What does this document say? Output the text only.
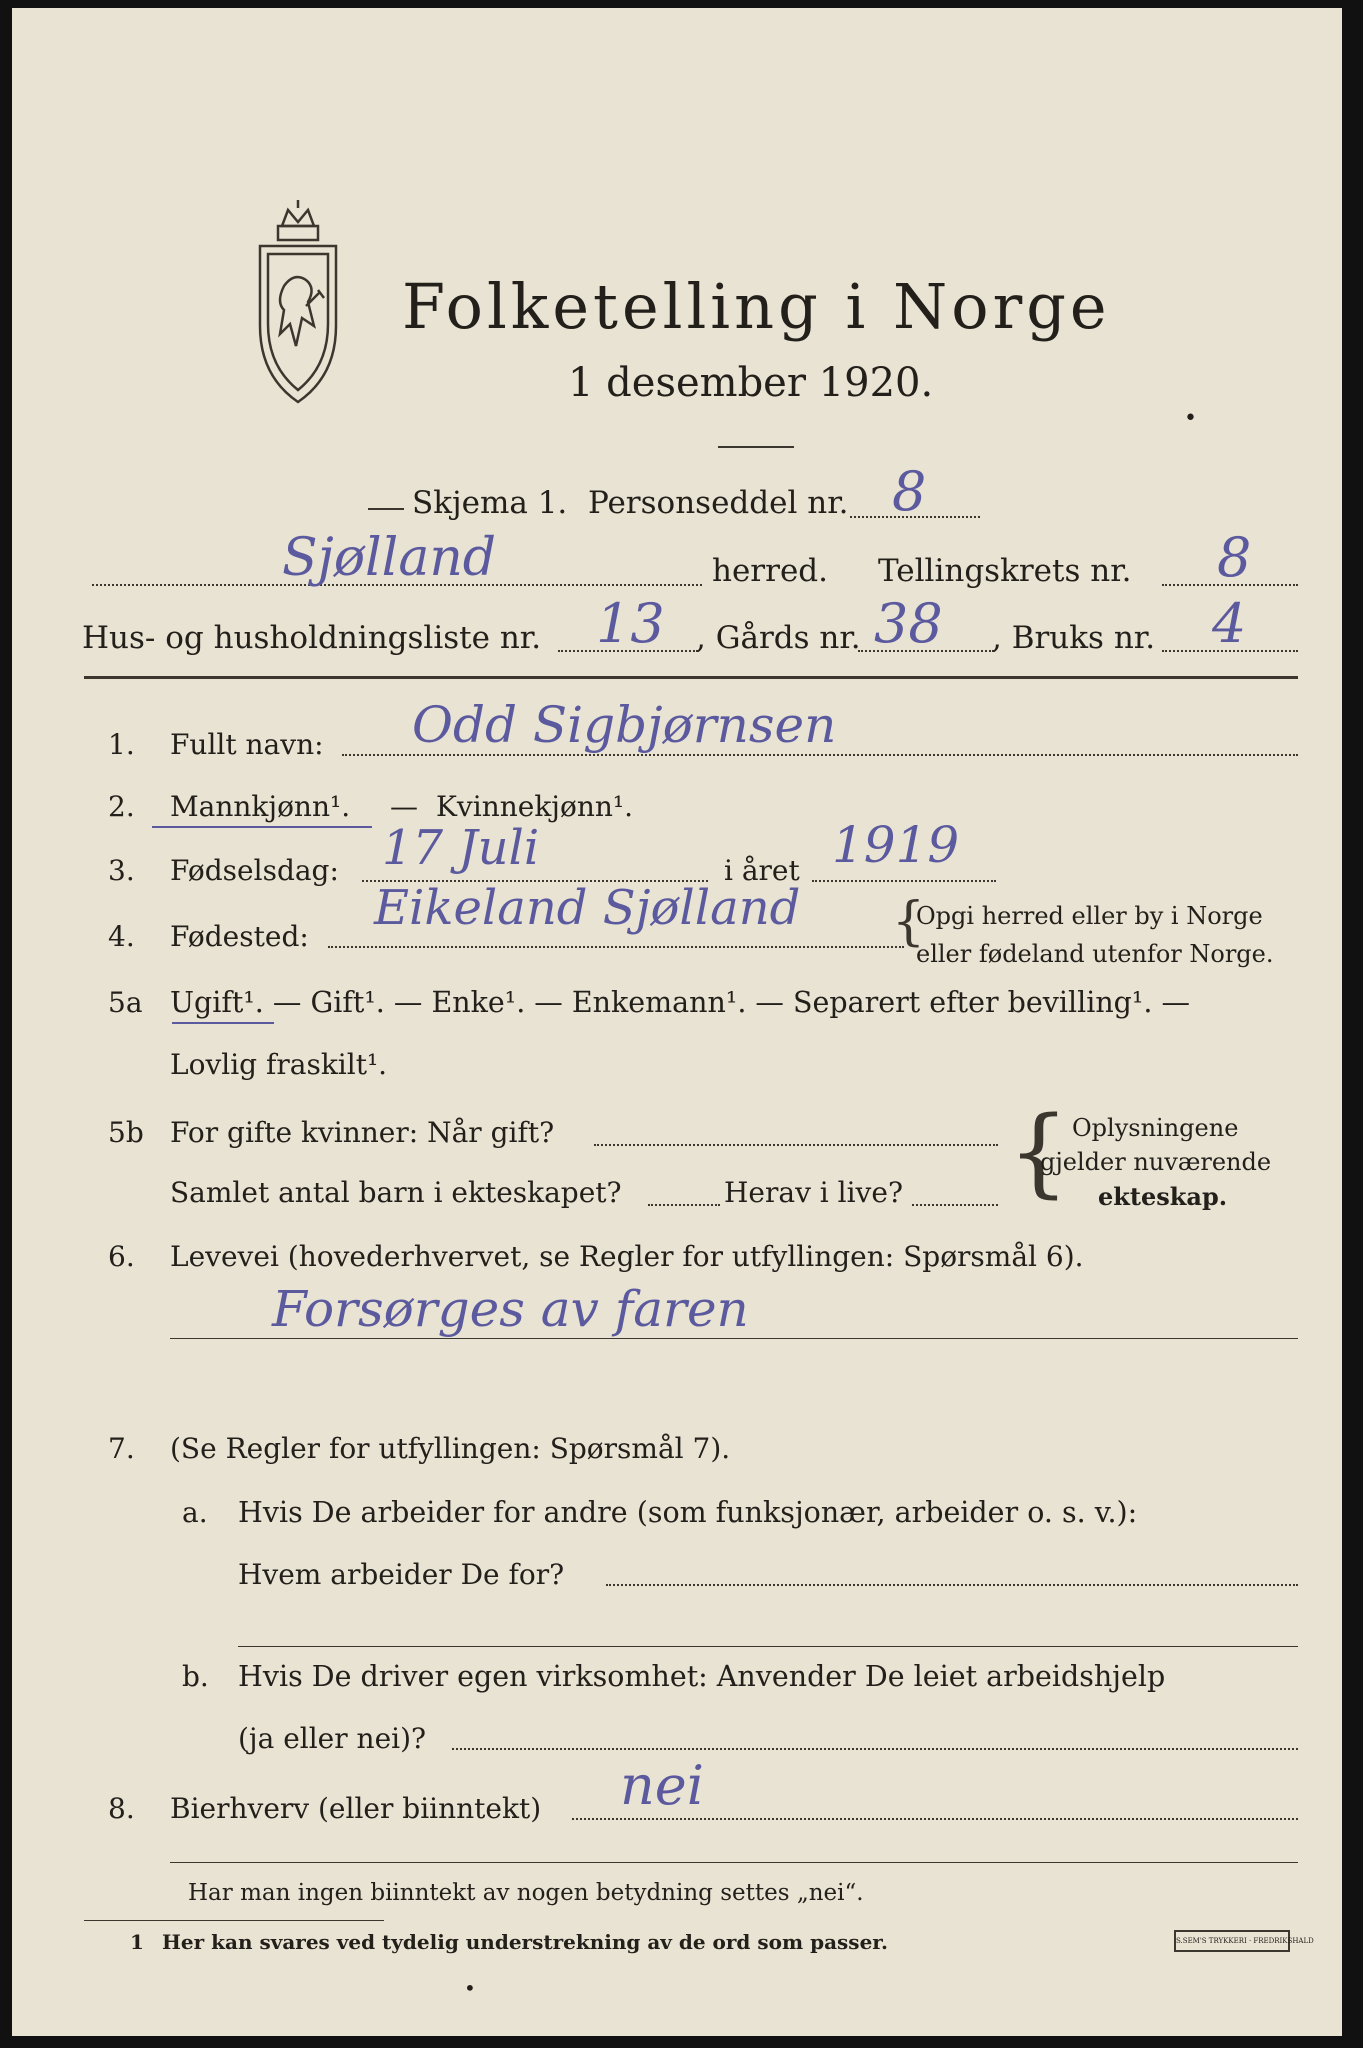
Folketelling i Norge
1 desember 1920.
•
Skjema 1. Personseddel nr. 8
Sjølland	herred. Tellingskrets nr. 8
Hus- og husholdningsliste nr. 13 , Gårds nr. 38 , Bruks nr. 4
1. Fullt navn: Odd Sigbjørnsen
2. Mannkjønn¹. — Kvinnekjønn¹.
3. Fødselsdag: 17 Juli	i året 1919
4. Fødested:
Eikeland Sjølland {
Opgi herred eller by i Norge
eller fødeland utenfor Norge.
5a Ugift¹. — Gift¹. — Enke¹. — Enkemann¹. — Separert efter bevilling¹. —
Lovlig fraskilt¹.
5b For gifte kvinner: Når gift?
Samlet antal barn i ekteskapet?	Herav i live? { Oplysningene
gjelder nuværende
ekteskap.
6. Levevei (hovederhvervet, se Regler for utfyllingen: Spørsmål 6).
Forsørges av faren
7. (Se Regler for utfyllingen: Spørsmål 7).
a. Hvis De arbeider for andre (som funksjonær, arbeider o. s. v.):
Hvem arbeider De for?
b. Hvis De driver egen virksomhet: Anvender De leiet arbeidshjelp
(ja eller nei)?
8. Bierhverv (eller biinntekt) nei
Har man ingen biinntekt av nogen betydning settes „nei“.
1 Her kan svares ved tydelig understrekning av de ord som passer.	S.SEM'S TRYKKERI · FREDRIKSHALD
•
